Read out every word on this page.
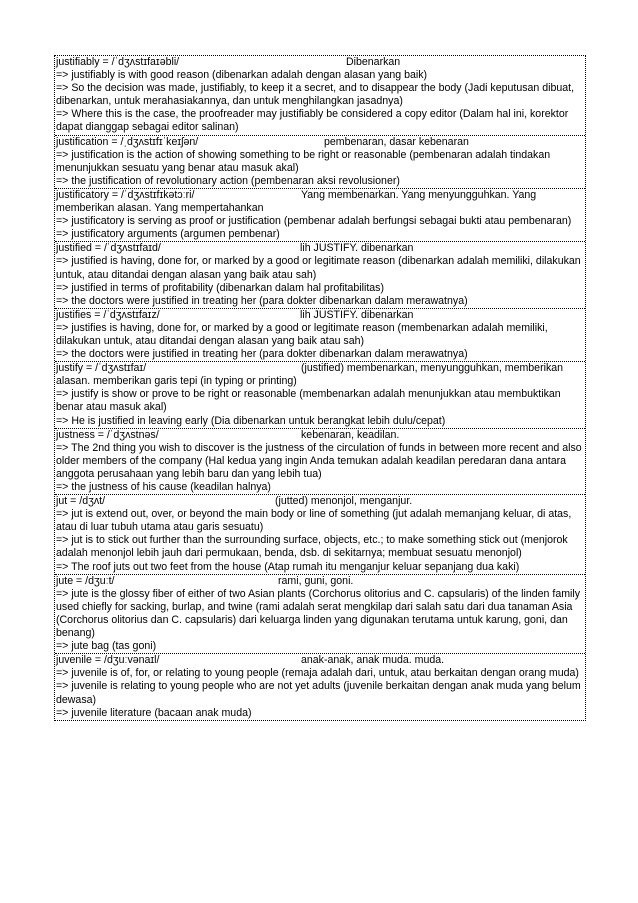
justifiably = /ˈdʒʌstɪfaɪəbli/	Dibenarkan
=> justifiably is with good reason (dibenarkan adalah dengan alasan yang baik)
=> So the decision was made, justifiably, to keep it a secret, and to disappear the body (Jadi keputusan dibuat, dibenarkan, untuk merahasiakannya, dan untuk menghilangkan jasadnya)
=> Where this is the case, the proofreader may justifiably be considered a copy editor (Dalam hal ini, korektor dapat dianggap sebagai editor salinan)
justification = /ˌdʒʌstɪfɪˈkeɪʃən/	pembenaran, dasar kebenaran
=> justification is the action of showing something to be right or reasonable (pembenaran adalah tindakan menunjukkan sesuatu yang benar atau masuk akal)
=> the justification of revolutionary action (pembenaran aksi revolusioner)
justificatory = /ˈdʒʌstɪfɪkətɔːri/	Yang membenarkan. Yang menyungguhkan. Yang memberikan alasan. Yang mempertahankan
=> justificatory is serving as proof or justification (pembenar adalah berfungsi sebagai bukti atau pembenaran)
=> justificatory arguments (argumen pembenar)
justified = /ˈdʒʌstɪfaɪd/	lih JUSTIFY. dibenarkan
=> justified is having, done for, or marked by a good or legitimate reason (dibenarkan adalah memiliki, dilakukan untuk, atau ditandai dengan alasan yang baik atau sah)
=> justified in terms of profitability (dibenarkan dalam hal profitabilitas)
=> the doctors were justified in treating her (para dokter dibenarkan dalam merawatnya)
justifies = /ˈdʒʌstɪfaɪz/	lih JUSTIFY. dibenarkan
=> justifies is having, done for, or marked by a good or legitimate reason (membenarkan adalah memiliki, dilakukan untuk, atau ditandai dengan alasan yang baik atau sah)
=> the doctors were justified in treating her (para dokter dibenarkan dalam merawatnya)
justify = /ˈdʒʌstɪfaɪ/	(justified) membenarkan, menyungguhkan, memberikan alasan. memberikan garis tepi (in typing or printing)
=> justify is show or prove to be right or reasonable (membenarkan adalah menunjukkan atau membuktikan benar atau masuk akal)
=> He is justified in leaving early (Dia dibenarkan untuk berangkat lebih dulu/cepat)
justness = /ˈdʒʌstnəs/	kebenaran, keadilan.
=> The 2nd thing you wish to discover is the justness of the circulation of funds in between more recent and also older members of the company (Hal kedua yang ingin Anda temukan adalah keadilan peredaran dana antara anggota perusahaan yang lebih baru dan yang lebih tua)
=> the justness of his cause (keadilan halnya)
jut = /dʒʌt/	(jutted) menonjol, menganjur.
=> jut is extend out, over, or beyond the main body or line of something (jut adalah memanjang keluar, di atas, atau di luar tubuh utama atau garis sesuatu)
=> jut is to stick out further than the surrounding surface, objects, etc.; to make something stick out (menjorok adalah menonjol lebih jauh dari permukaan, benda, dsb. di sekitarnya; membuat sesuatu menonjol)
=> The roof juts out two feet from the house (Atap rumah itu menganjur keluar sepanjang dua kaki)
jute = /dʒuːt/	rami, guni, goni.
=> jute is the glossy fiber of either of two Asian plants (Corchorus olitorius and C. capsularis) of the linden family used chiefly for sacking, burlap, and twine (rami adalah serat mengkilap dari salah satu dari dua tanaman Asia (Corchorus olitorius dan C. capsularis) dari keluarga linden yang digunakan terutama untuk karung, goni, dan benang)
=> jute bag (tas goni)
juvenile = /dʒuːvənaɪl/	anak-anak, anak muda. muda.
=> juvenile is of, for, or relating to young people (remaja adalah dari, untuk, atau berkaitan dengan orang muda)
=> juvenile is relating to young people who are not yet adults (juvenile berkaitan dengan anak muda yang belum dewasa)
=> juvenile literature (bacaan anak muda)
